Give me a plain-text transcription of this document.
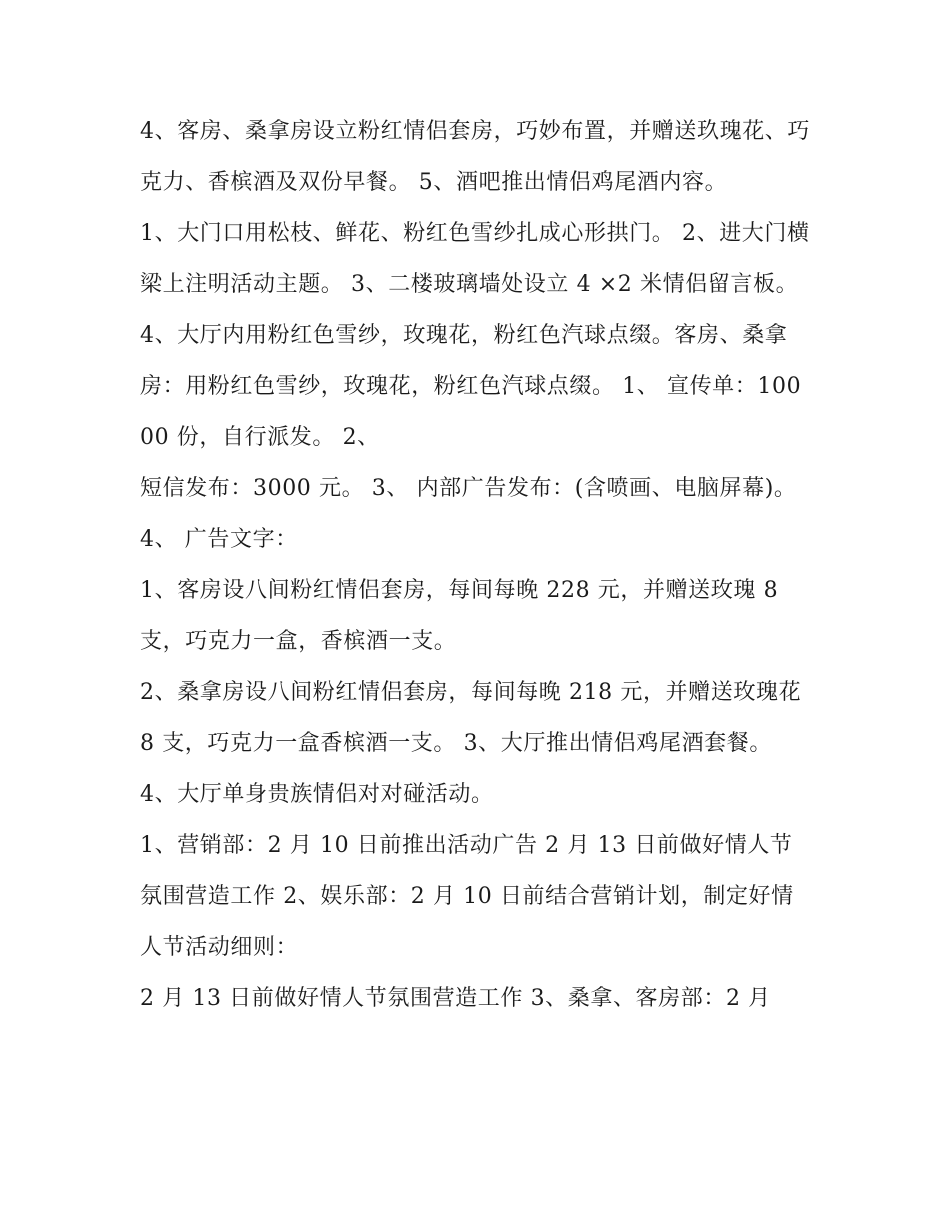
4、客房、桑拿房设立粉红情侣套房，巧妙布置，并赠送玖瑰花、巧克力、香槟酒及双份早餐。 5、酒吧推出情侣鸡尾酒内容。

1、大门口用松枝、鲜花、粉红色雪纱扎成心形拱门。 2、进大门横梁上注明活动主题。 3、二楼玻璃墙处设立 4 ×2 米情侣留言板。

4、大厅内用粉红色雪纱，玫瑰花，粉红色汽球点缀。客房、桑拿房：用粉红色雪纱，玫瑰花，粉红色汽球点缀。 1、 宣传单：10000 份，自行派发。 2、

短信发布：3000 元。 3、 内部广告发布：(含喷画、电脑屏幕)。 4、 广告文字：

1、客房设八间粉红情侣套房，每间每晚 228 元，并赠送玫瑰 8 支，巧克力一盒，香槟酒一支。

2、桑拿房设八间粉红情侣套房，每间每晚 218 元，并赠送玫瑰花 8 支，巧克力一盒香槟酒一支。 3、大厅推出情侣鸡尾酒套餐。 4、大厅单身贵族情侣对对碰活动。

1、营销部：2 月 10 日前推出活动广告 2 月 13 日前做好情人节氛围营造工作 2、娱乐部：2 月 10 日前结合营销计划，制定好情人节活动细则：

2 月 13 日前做好情人节氛围营造工作 3、桑拿、客房部：2 月
